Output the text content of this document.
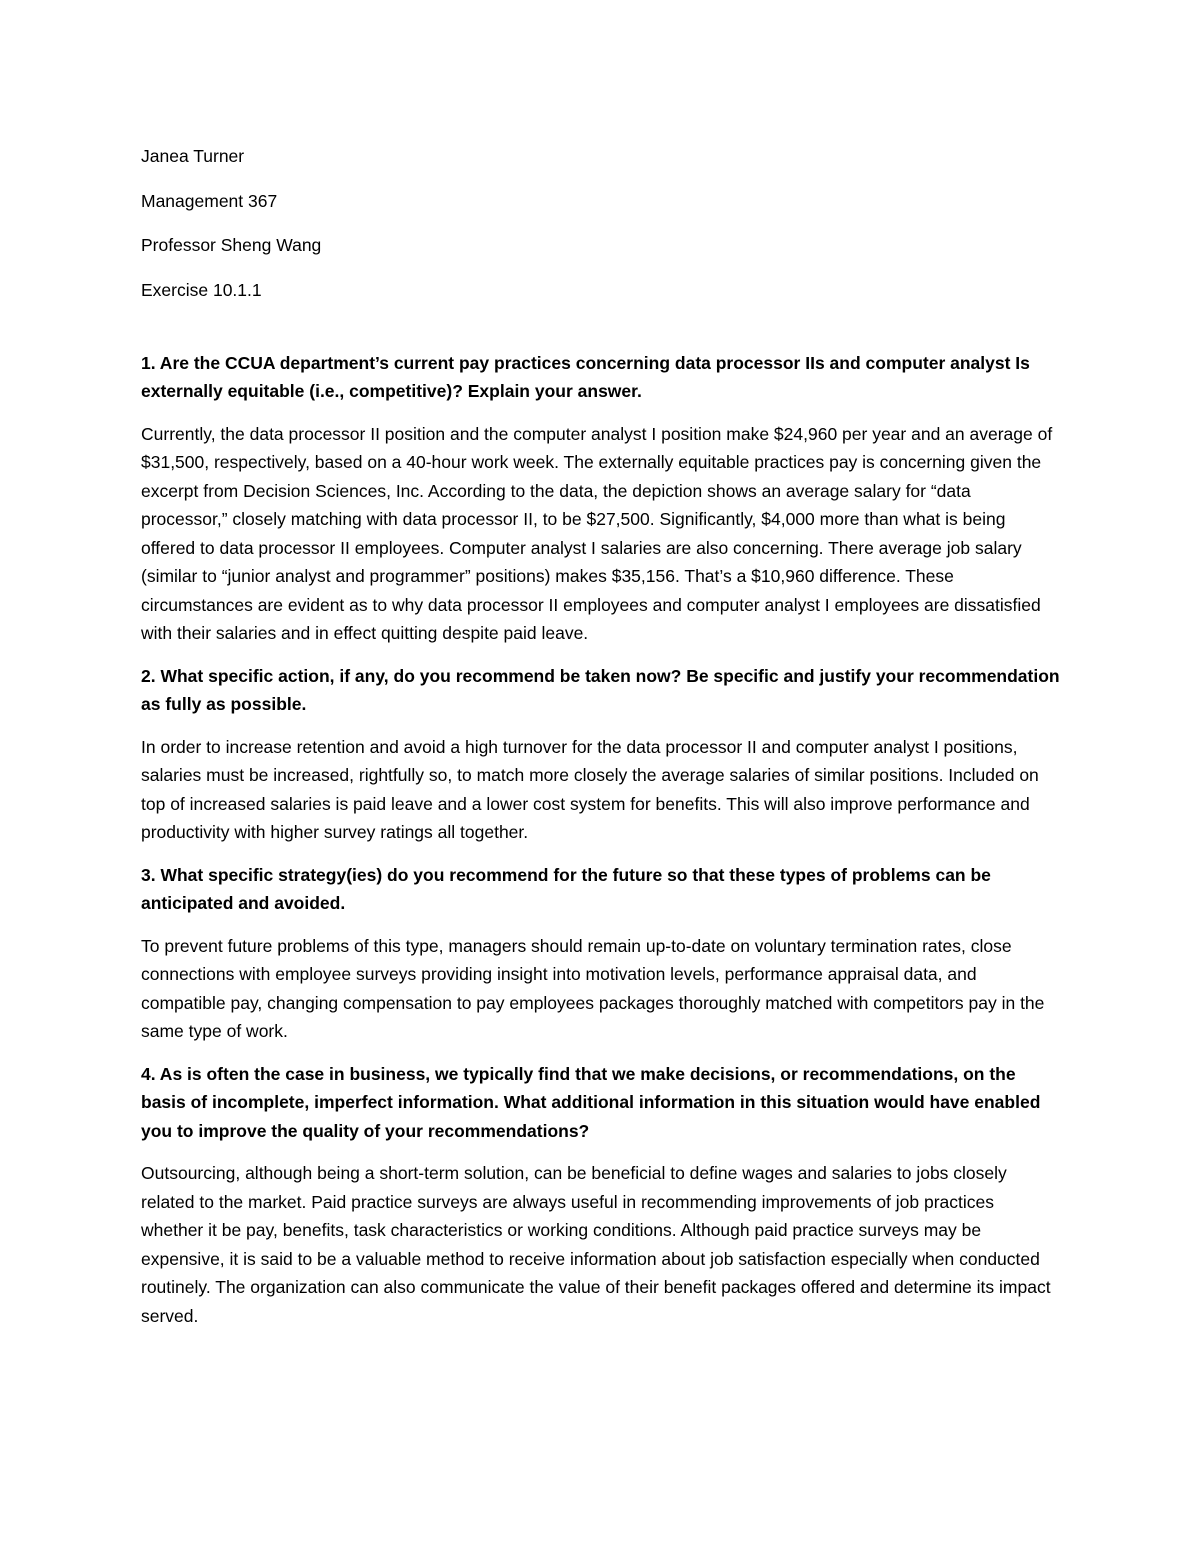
Janea Turner

Management 367

Professor Sheng Wang

Exercise 10.1.1

1. Are the CCUA department’s current pay practices concerning data processor IIs and computer analyst Is externally equitable (i.e., competitive)? Explain your answer.

Currently, the data processor II position and the computer analyst I position make $24,960 per year and an average of $31,500, respectively, based on a 40-hour work week. The externally equitable practices pay is concerning given the excerpt from Decision Sciences, Inc. According to the data, the depiction shows an average salary for “data processor,” closely matching with data processor II, to be $27,500. Significantly, $4,000 more than what is being offered to data processor II employees. Computer analyst I salaries are also concerning. There average job salary (similar to “junior analyst and programmer” positions) makes $35,156. That’s a $10,960 difference. These circumstances are evident as to why data processor II employees and computer analyst I employees are dissatisfied with their salaries and in effect quitting despite paid leave.

2. What specific action, if any, do you recommend be taken now? Be specific and justify your recommendation as fully as possible.

In order to increase retention and avoid a high turnover for the data processor II and computer analyst I positions, salaries must be increased, rightfully so, to match more closely the average salaries of similar positions. Included on top of increased salaries is paid leave and a lower cost system for benefits. This will also improve performance and productivity with higher survey ratings all together.

3. What specific strategy(ies) do you recommend for the future so that these types of problems can be anticipated and avoided.

To prevent future problems of this type, managers should remain up-to-date on voluntary termination rates, close connections with employee surveys providing insight into motivation levels, performance appraisal data, and compatible pay, changing compensation to pay employees packages thoroughly matched with competitors pay in the same type of work.

4. As is often the case in business, we typically find that we make decisions, or recommendations, on the basis of incomplete, imperfect information. What additional information in this situation would have enabled you to improve the quality of your recommendations?

Outsourcing, although being a short-term solution, can be beneficial to define wages and salaries to jobs closely related to the market. Paid practice surveys are always useful in recommending improvements of job practices whether it be pay, benefits, task characteristics or working conditions. Although paid practice surveys may be expensive, it is said to be a valuable method to receive information about job satisfaction especially when conducted routinely. The organization can also communicate the value of their benefit packages offered and determine its impact served.
